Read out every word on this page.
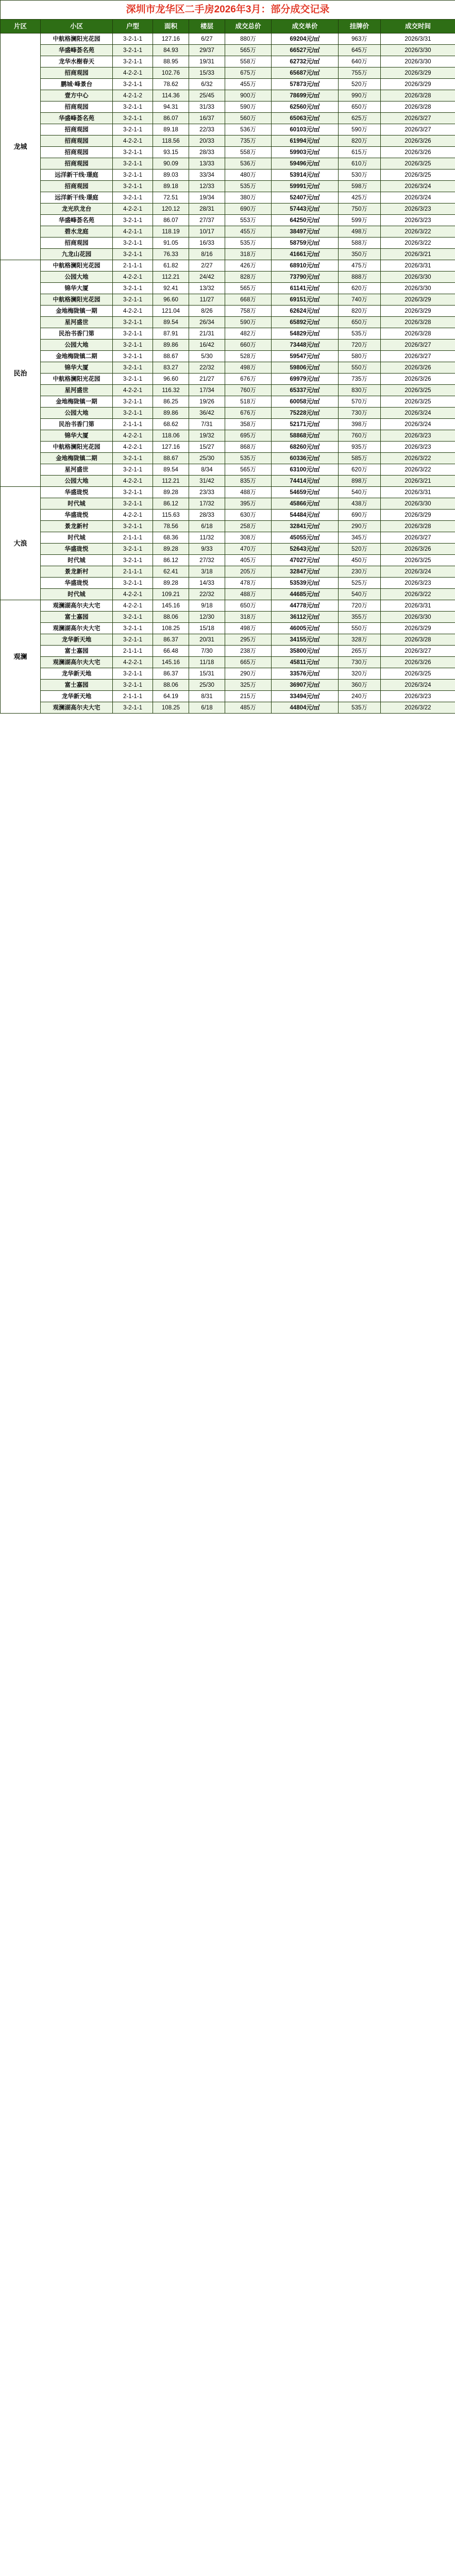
深圳市龙华区二手房2026年3月：部分成交记录
片区	小区	户型	面积	楼层	成交总价	成交单价	挂牌价	成交时间
龙城	中航格澜阳光花园	3-2-1-1	127.16	6/27	880万	69204元/㎡	963万	2026/3/31
	华盛峰荟名苑	3-2-1-1	84.93	29/37	565万	66527元/㎡	645万	2026/3/30
	龙华水榭春天	3-2-1-1	88.95	19/31	558万	62732元/㎡	640万	2026/3/30
	招商观园	4-2-2-1	102.76	15/33	675万	65687元/㎡	755万	2026/3/29
	鹏城·峰景台	3-2-1-1	78.62	6/32	455万	57873元/㎡	520万	2026/3/29
	壹方中心	4-2-1-2	114.36	25/45	900万	78699元/㎡	990万	2026/3/28
	招商观园	3-2-1-1	94.31	31/33	590万	62560元/㎡	650万	2026/3/28
	华盛峰荟名苑	3-2-1-1	86.07	16/37	560万	65063元/㎡	625万	2026/3/27
	招商观园	3-2-1-1	89.18	22/33	536万	60103元/㎡	590万	2026/3/27
	招商观园	4-2-2-1	118.56	20/33	735万	61994元/㎡	820万	2026/3/26
	招商观园	3-2-1-1	93.15	28/33	558万	59903元/㎡	615万	2026/3/26
	招商观园	3-2-1-1	90.09	13/33	536万	59496元/㎡	610万	2026/3/25
	远洋新干线·璟庭	3-2-1-1	89.03	33/34	480万	53914元/㎡	530万	2026/3/25
	招商观园	3-2-1-1	89.18	12/33	535万	59991元/㎡	598万	2026/3/24
	远洋新干线·璟庭	3-2-1-1	72.51	19/34	380万	52407元/㎡	425万	2026/3/24
	龙光玖龙台	4-2-2-1	120.12	28/31	690万	57443元/㎡	750万	2026/3/23
	华盛峰荟名苑	3-2-1-1	86.07	27/37	553万	64250元/㎡	599万	2026/3/23
	碧水龙庭	4-2-1-1	118.19	10/17	455万	38497元/㎡	498万	2026/3/22
	招商观园	3-2-1-1	91.05	16/33	535万	58759元/㎡	588万	2026/3/22
	九龙山花园	3-2-1-1	76.33	8/16	318万	41661元/㎡	350万	2026/3/21
民治	中航格澜阳光花园	2-1-1-1	61.82	2/27	426万	68910元/㎡	475万	2026/3/31
	公园大地	4-2-2-1	112.21	24/42	828万	73790元/㎡	888万	2026/3/30
	锦华大厦	3-2-1-1	92.41	13/32	565万	61141元/㎡	620万	2026/3/30
	中航格澜阳光花园	3-2-1-1	96.60	11/27	668万	69151元/㎡	740万	2026/3/29
	金地梅陇镇一期	4-2-2-1	121.04	8/26	758万	62624元/㎡	820万	2026/3/29
	星河盛世	3-2-1-1	89.54	26/34	590万	65892元/㎡	650万	2026/3/28
	民治书香门第	3-2-1-1	87.91	21/31	482万	54829元/㎡	535万	2026/3/28
	公园大地	3-2-1-1	89.86	16/42	660万	73448元/㎡	720万	2026/3/27
	金地梅陇镇二期	3-2-1-1	88.67	5/30	528万	59547元/㎡	580万	2026/3/27
	锦华大厦	3-2-1-1	83.27	22/32	498万	59806元/㎡	550万	2026/3/26
	中航格澜阳光花园	3-2-1-1	96.60	21/27	676万	69979元/㎡	735万	2026/3/26
	星河盛世	4-2-2-1	116.32	17/34	760万	65337元/㎡	830万	2026/3/25
	金地梅陇镇一期	3-2-1-1	86.25	19/26	518万	60058元/㎡	570万	2026/3/25
	公园大地	3-2-1-1	89.86	36/42	676万	75228元/㎡	730万	2026/3/24
	民治书香门第	2-1-1-1	68.62	7/31	358万	52171元/㎡	398万	2026/3/24
	锦华大厦	4-2-2-1	118.06	19/32	695万	58868元/㎡	760万	2026/3/23
	中航格澜阳光花园	4-2-2-1	127.16	15/27	868万	68260元/㎡	935万	2026/3/23
	金地梅陇镇二期	3-2-1-1	88.67	25/30	535万	60336元/㎡	585万	2026/3/22
	星河盛世	3-2-1-1	89.54	8/34	565万	63100元/㎡	620万	2026/3/22
	公园大地	4-2-2-1	112.21	31/42	835万	74414元/㎡	898万	2026/3/21
大浪	华盛珑悦	3-2-1-1	89.28	23/33	488万	54659元/㎡	540万	2026/3/31
	时代城	3-2-1-1	86.12	17/32	395万	45866元/㎡	438万	2026/3/30
	华盛珑悦	4-2-2-1	115.63	28/33	630万	54484元/㎡	690万	2026/3/29
	景龙新村	3-2-1-1	78.56	6/18	258万	32841元/㎡	290万	2026/3/28
	时代城	2-1-1-1	68.36	11/32	308万	45055元/㎡	345万	2026/3/27
	华盛珑悦	3-2-1-1	89.28	9/33	470万	52643元/㎡	520万	2026/3/26
	时代城	3-2-1-1	86.12	27/32	405万	47027元/㎡	450万	2026/3/25
	景龙新村	2-1-1-1	62.41	3/18	205万	32847元/㎡	230万	2026/3/24
	华盛珑悦	3-2-1-1	89.28	14/33	478万	53539元/㎡	525万	2026/3/23
	时代城	4-2-2-1	109.21	22/32	488万	44685元/㎡	540万	2026/3/22
观澜	观澜湖高尔夫大宅	4-2-2-1	145.16	9/18	650万	44778元/㎡	720万	2026/3/31
	富士嘉园	3-2-1-1	88.06	12/30	318万	36112元/㎡	355万	2026/3/30
	观澜湖高尔夫大宅	3-2-1-1	108.25	15/18	498万	46005元/㎡	550万	2026/3/29
	龙华新天地	3-2-1-1	86.37	20/31	295万	34155元/㎡	328万	2026/3/28
	富士嘉园	2-1-1-1	66.48	7/30	238万	35800元/㎡	265万	2026/3/27
	观澜湖高尔夫大宅	4-2-2-1	145.16	11/18	665万	45811元/㎡	730万	2026/3/26
	龙华新天地	3-2-1-1	86.37	15/31	290万	33576元/㎡	320万	2026/3/25
	富士嘉园	3-2-1-1	88.06	25/30	325万	36907元/㎡	360万	2026/3/24
	龙华新天地	2-1-1-1	64.19	8/31	215万	33494元/㎡	240万	2026/3/23
	观澜湖高尔夫大宅	3-2-1-1	108.25	6/18	485万	44804元/㎡	535万	2026/3/22
